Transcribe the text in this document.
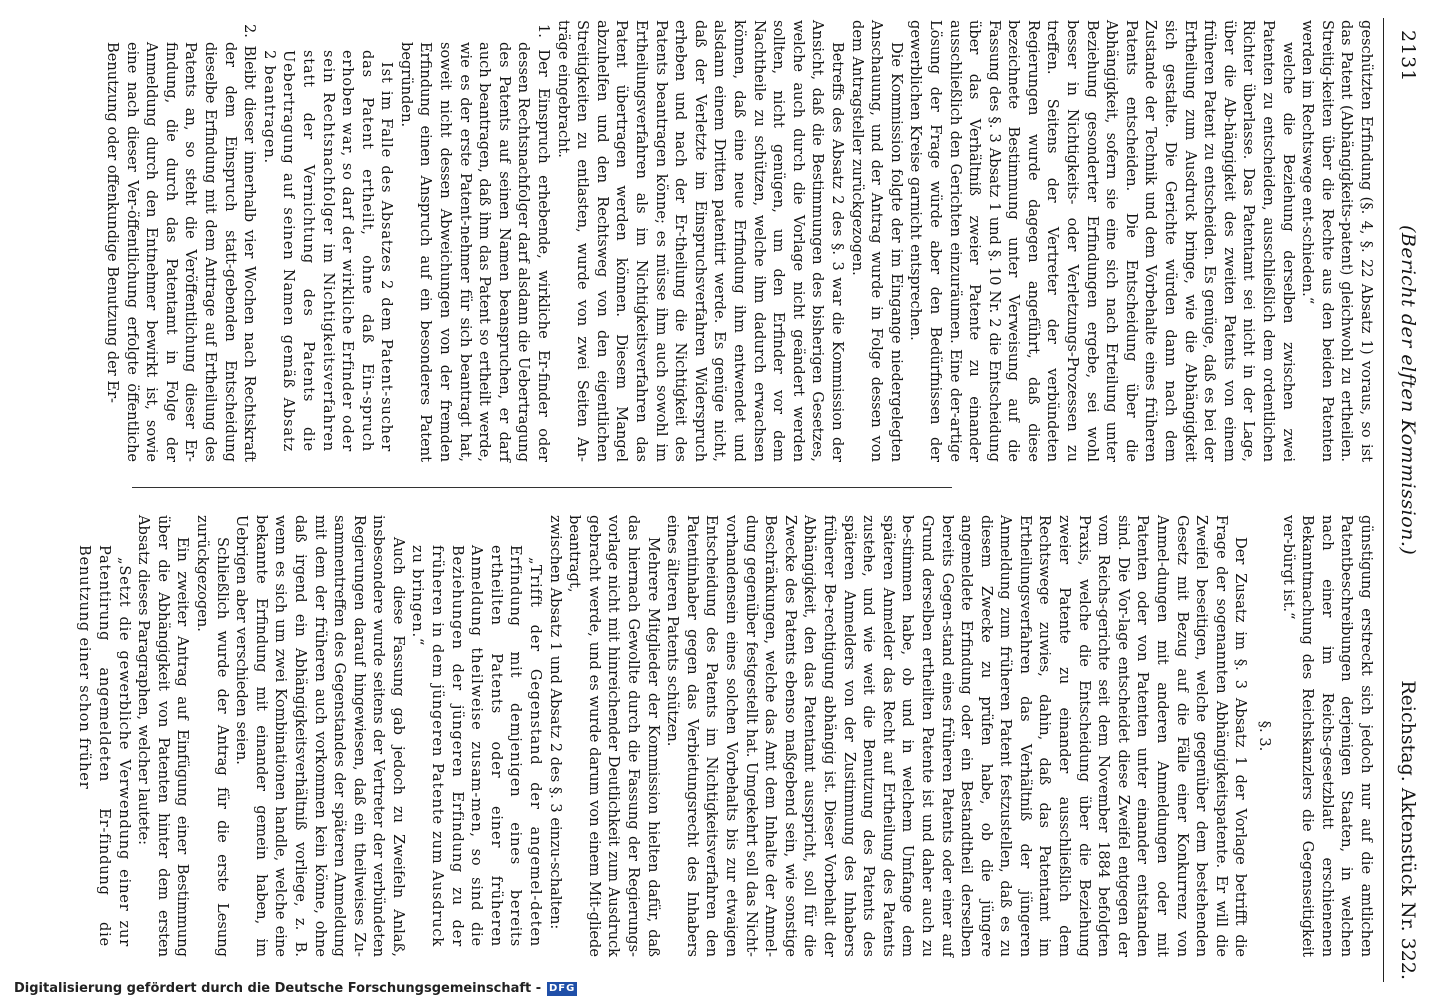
2131
(Bericht der elften Kommission.)
Reichstag. Aktenstück Nr. 322.

geschützten Erfindung (§. 4, §. 22 Absatz 1) voraus, so ist das Patent (Abhängigkeits-patent) gleichwohl zu ertheilen. Streitig-keiten über die Rechte aus den beiden Patenten werden im Rechtswege ent-schieden.“

welche die Beziehung derselben zwischen zwei Patenten zu entscheiden, ausschließlich dem ordentlichen Richter überlasse. Das Patentamt sei nicht in der Lage, über die Ab-hängigkeit des zweiten Patents von einem früheren Patent zu entscheiden. Es genüge, daß es bei der Ertheilung zum Ausdruck bringe, wie die Abhängigkeit sich gestalte. Die Gerichte würden dann nach dem Zustande der Technik und dem Vorbehalte eines früheren Patents entscheiden. Die Entscheidung über die Abhängigkeit, sofern sie eine sich nach Erteilung unter Beziehung gesonderter Erfindungen ergebe, sei wohl besser in Nichtigkeits- oder Verletzungs-Prozessen zu treffen. Seitens der Vertreter der verbündeten Regierungen wurde dagegen angeführt, daß diese bezeichnete Bestimmung unter Verweisung auf die Fassung des §. 3 Absatz 1 und §. 10 Nr. 2 die Entscheidung über das Verhältniß zweier Patente zu einander ausschließlich den Gerichten einzuräumen. Eine der-artige Lösung der Frage würde aber den Bedürfnissen der gewerblichen Kreise garnicht entsprechen.

Die Kommission folgte der im Eingange niedergelegten Anschauung, und der Antrag wurde in Folge dessen von dem Antragsteller zurückgezogen.

Betreffs des Absatz 2 des §. 3 war die Kommission der Ansicht, daß die Bestimmungen des bisherigen Gesetzes, welche auch durch die Vorlage nicht geändert werden sollten, nicht genügen, um den Erfinder vor dem Nachtheile zu schützen, welche ihm dadurch erwachsen können, daß eine neue Erfindung ihm entwendet und alsdann einem Dritten patentirt werde. Es genüge nicht, daß der Verletzte im Einspruchsverfahren Widerspruch erheben und nach der Er-theilung die Nichtigkeit des Patents beantragen könne; es müsse ihm auch sowohl im Ertheilungsverfahren als im Nichtigkeitsverfahren das Patent übertragen werden können. Diesem Mangel abzuhelfen und den Rechtsweg von den eigentlichen Streitigkeiten zu entlasten, wurde von zwei Seiten An-träge eingebracht.

1. Der Einspruch erhebende, wirkliche Er-finder oder dessen Rechtsnachfolger darf alsdann die Uebertragung des Patents auf seinen Namen beanspruchen, er darf auch beantragen, daß ihm das Patent so ertheilt werde, wie es der erste Patent-nehmer für sich beantragt hat, soweit nicht dessen Abweichungen von der fremden Erfindung einen Anspruch auf ein besonderes Patent begründen.

Ist im Falle des Absatzes 2 dem Patent-sucher das Patent ertheilt, ohne daß Ein-spruch erhoben war, so darf der wirkliche Erfinder oder sein Rechtsnachfolger im Nichtigkeitsverfahren statt der Vernichtung des Patents die Uebertragung auf seinen Namen gemäß Absatz 2 beantragen.

2. Bleibt dieser innerhalb vier Wochen nach Rechtskraft der dem Einspruch statt-gebenden Entscheidung dieselbe Erfindung mit dem Antrage auf Ertheilung des Patents an, so steht die Veröffentlichung dieser Er-findung, die durch das Patentamt in Folge der Anmeldung durch den Entnehmer bewirkt ist, sowie eine nach dieser Ver-öffentlichung erfolgte öffentliche Benutzung oder offenkundige Benutzung der Er-

günstigung erstreckt sich jedoch nur auf die amtlichen Patentbeschreibungen derjenigen Staaten, in welchen nach einer im Reichs-gesetzblatt erschienenen Bekanntmachung des Reichskanzlers die Gegenseitigkeit ver-bürgt ist.“

§. 3.

Der Zusatz im §. 3 Absatz 1 der Vorlage betrifft die Frage der sogenannten Abhängigkeitspatente. Er will die Zweifel beseitigen, welche gegenüber dem bestehenden Gesetz mit Bezug auf die Fälle einer Konkurrenz von Anmel-dungen mit anderen Anmeldungen oder mit Patenten oder von Patenten unter einander entstanden sind. Die Vor-lage entscheidet diese Zweifel entgegen der vom Reichs-gerichte seit dem November 1884 befolgten Praxis, welche die Entscheidung über die Beziehung zweier Patente zu einander ausschließlich dem Rechtswege zuwies, dahin, daß das Patentamt im Ertheilungsverfahren das Verhältniß der jüngeren Anmeldung zum früheren Patent festzustellen, daß es zu diesem Zwecke zu prüfen habe, ob die jüngere angemeldete Erfindung oder ein Bestandtheil derselben bereits Gegen-stand eines früheren Patents oder einer auf Grund derselben ertheilten Patente ist und daher auch zu be-stimmen habe, ob und in welchem Umfange dem späteren Anmelder das Recht auf Ertheilung des Patents zustehe, und wie weit die Benutzung des Patents des späteren Anmelders von der Zustimmung des Inhabers früherer Be-rechtigung abhängig ist. Dieser Vorbehalt der Abhängigkeit, den das Patentamt ausspricht, soll für die Zwecke des Patents ebenso maßgebend sein, wie sonstige Beschränkungen, welche das Amt dem Inhalte der Anmel-dung gegenüber festgestellt hat. Umgekehrt soll das Nicht-vorhandensein eines solchen Vorbehalts bis zur etwaigen Entscheidung des Patents im Nichtigkeitsverfahren den Patentinhaber gegen das Verbietungsrecht des Inhabers eines älteren Patents schützen.

Mehrere Mitglieder der Kommission hielten dafür, daß das hiernach Gewollte durch die Fassung der Regierungs-vorlage nicht mit hinreichender Deutlichkeit zum Ausdruck gebracht werde, und es wurde darum von einem Mit-gliede beantragt,

zwischen Absatz 1 und Absatz 2 des §. 3 einzu-schalten:

„Trifft der Gegenstand der angemel-deten Erfindung mit demjenigen eines bereits ertheilten Patents oder einer früheren Anmeldung theilweise zusam-men, so sind die Beziehungen der jüngeren Erfindung zu der früheren in dem jüngeren Patente zum Ausdruck zu bringen.“

Auch diese Fassung gab jedoch zu Zweifeln Anlaß, insbesondere wurde seitens der Vertreter der verbündeten Regierungen darauf hingewiesen, daß ein theilweises Zu-sammentreffen des Gegenstandes der späteren Anmeldung mit dem der früheren auch vorkommen kein könne, ohne daß irgend ein Abhängigkeitsverhältniß vorliege, z. B. wenn es sich um zwei Kombinationen handle, welche eine bekannte Erfindung mit einander gemein haben, im Uebrigen aber verschieden seien.

Schließlich wurde der Antrag für die erste Lesung zurückgezogen.

Ein zweiter Antrag auf Einfügung einer Bestimmung über die Abhängigkeit von Patenten hinter dem ersten Absatz dieses Paragraphen, welcher lautete:

„Setzt die gewerbliche Verwendung einer zur Patentirung angemeldeten Er-findung die Benutzung einer schon früher

Digitalisierung gefördert durch die Deutsche Forschungsgemeinschaft - DFG
